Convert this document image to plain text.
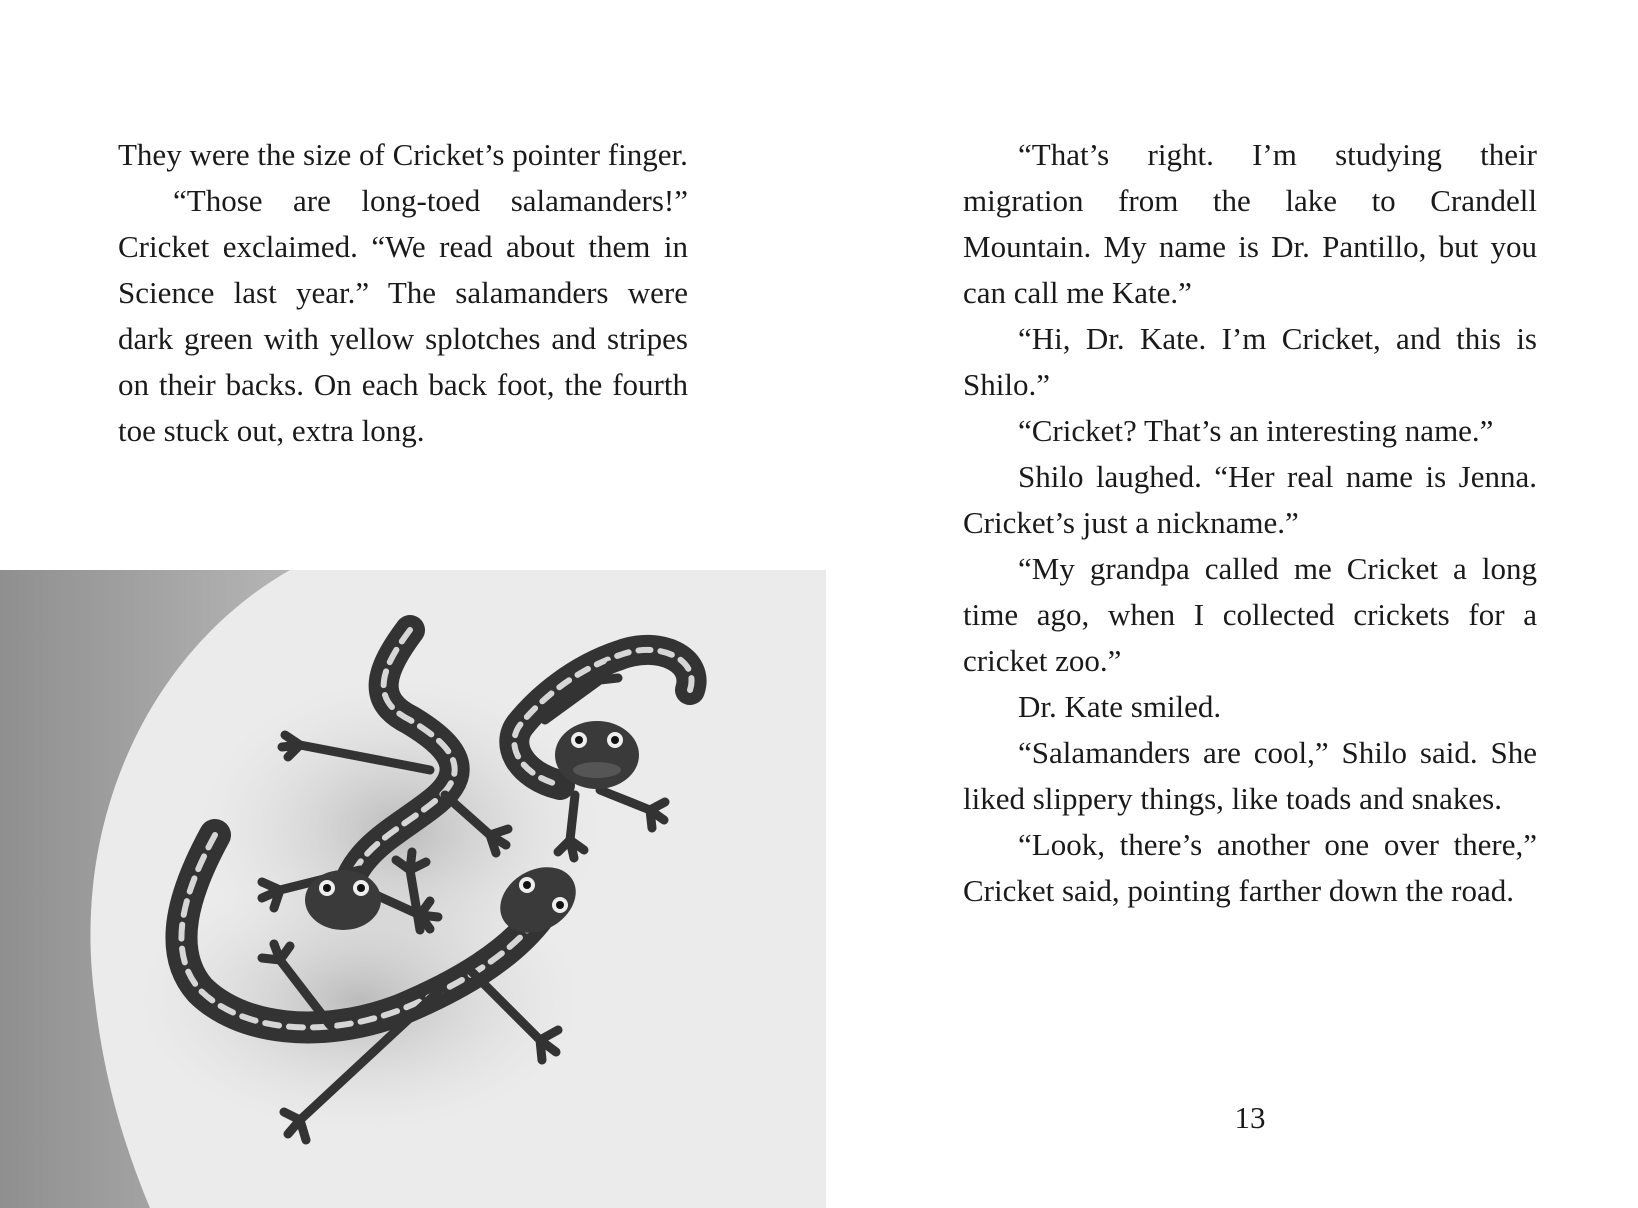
They were the size of Cricket’s pointer finger.

“Those are long-toed salamanders!” Cricket exclaimed. “We read about them in Science last year.” The salamanders were dark green with yellow splotches and stripes on their backs. On each back foot, the fourth toe stuck out, extra long.

“That’s right. I’m studying their migration from the lake to Crandell Mountain. My name is Dr. Pantillo, but you can call me Kate.”

“Hi, Dr. Kate. I’m Cricket, and this is Shilo.”

“Cricket? That’s an interesting name.”

Shilo laughed. “Her real name is Jenna. Cricket’s just a nickname.”

“My grandpa called me Cricket a long time ago, when I collected crickets for a cricket zoo.”

Dr. Kate smiled.

“Salamanders are cool,” Shilo said. She liked slippery things, like toads and snakes.

“Look, there’s another one over there,” Cricket said, pointing farther down the road.

13
